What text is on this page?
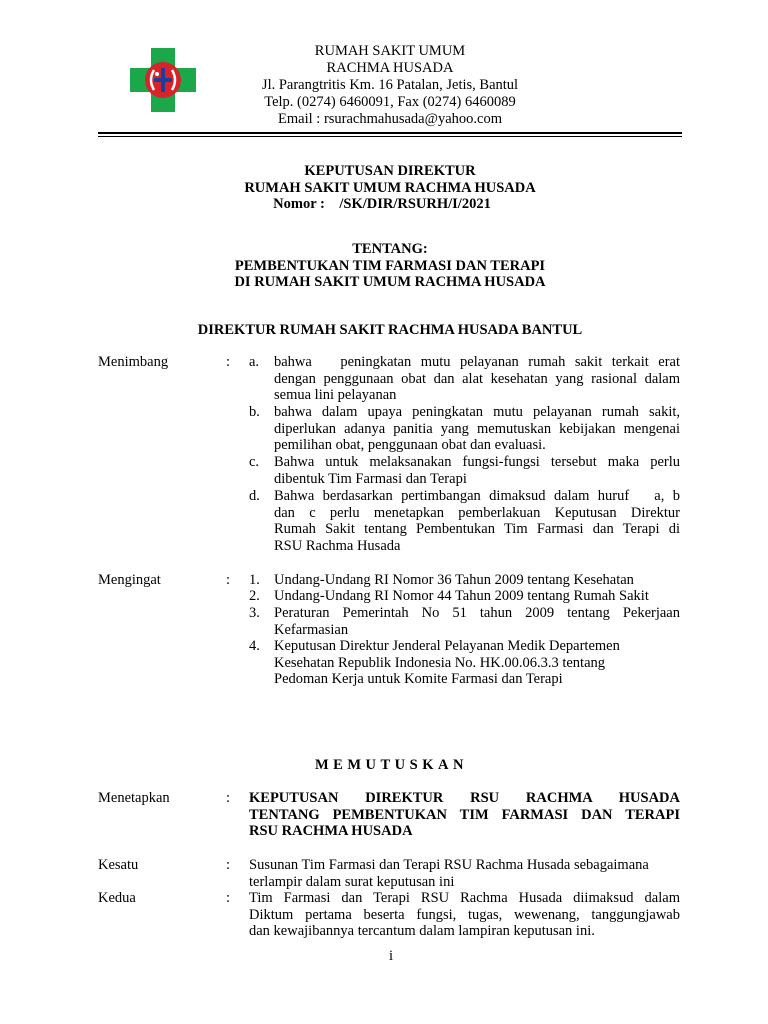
RUMAH SAKIT UMUM
RACHMA HUSADA
Jl. Parangtritis Km. 16 Patalan, Jetis, Bantul
Telp. (0274) 6460091, Fax (0274) 6460089
Email : rsurachmahusada@yahoo.com
KEPUTUSAN DIREKTUR
RUMAH SAKIT UMUM RACHMA HUSADA
Nomor :    /SK/DIR/RSURH/I/2021
TENTANG:
PEMBENTUKAN TIM FARMASI DAN TERAPI
DI RUMAH SAKIT UMUM RACHMA HUSADA
DIREKTUR RUMAH SAKIT RACHMA HUSADA BANTUL
Menimbang	: a. bahwa   peningkatan mutu pelayanan rumah sakit terkait erat
dengan penggunaan obat dan alat kesehatan yang rasional dalam
semua lini pelayanan
b. bahwa dalam upaya peningkatan mutu pelayanan rumah sakit,
diperlukan adanya panitia yang memutuskan kebijakan mengenai
pemilihan obat, penggunaan obat dan evaluasi.
c. Bahwa untuk melaksanakan fungsi-fungsi tersebut maka perlu
dibentuk Tim Farmasi dan Terapi
d. Bahwa berdasarkan pertimbangan dimaksud dalam huruf   a, b
dan c perlu menetapkan pemberlakuan Keputusan Direktur
Rumah Sakit tentang Pembentukan Tim Farmasi dan Terapi di
RSU Rachma Husada
Mengingat	: 1. Undang-Undang RI Nomor 36 Tahun 2009 tentang Kesehatan
2. Undang-Undang RI Nomor 44 Tahun 2009 tentang Rumah Sakit
3. Peraturan Pemerintah No 51 tahun 2009 tentang Pekerjaan
Kefarmasian
4. Keputusan Direktur Jenderal Pelayanan Medik Departemen
Kesehatan Republik Indonesia No. HK.00.06.3.3 tentang
Pedoman Kerja untuk Komite Farmasi dan Terapi
MEMUTUSKAN
Menetapkan	: KEPUTUSAN DIREKTUR RSU RACHMA HUSADA
TENTANG PEMBENTUKAN TIM FARMASI DAN TERAPI
RSU RACHMA HUSADA
Kesatu	: Susunan Tim Farmasi dan Terapi RSU Rachma Husada sebagaimana
terlampir dalam surat keputusan ini
Kedua	: Tim Farmasi dan Terapi RSU Rachma Husada diimaksud dalam
Diktum pertama beserta fungsi, tugas, wewenang, tanggungjawab
dan kewajibannya tercantum dalam lampiran keputusan ini.
i
